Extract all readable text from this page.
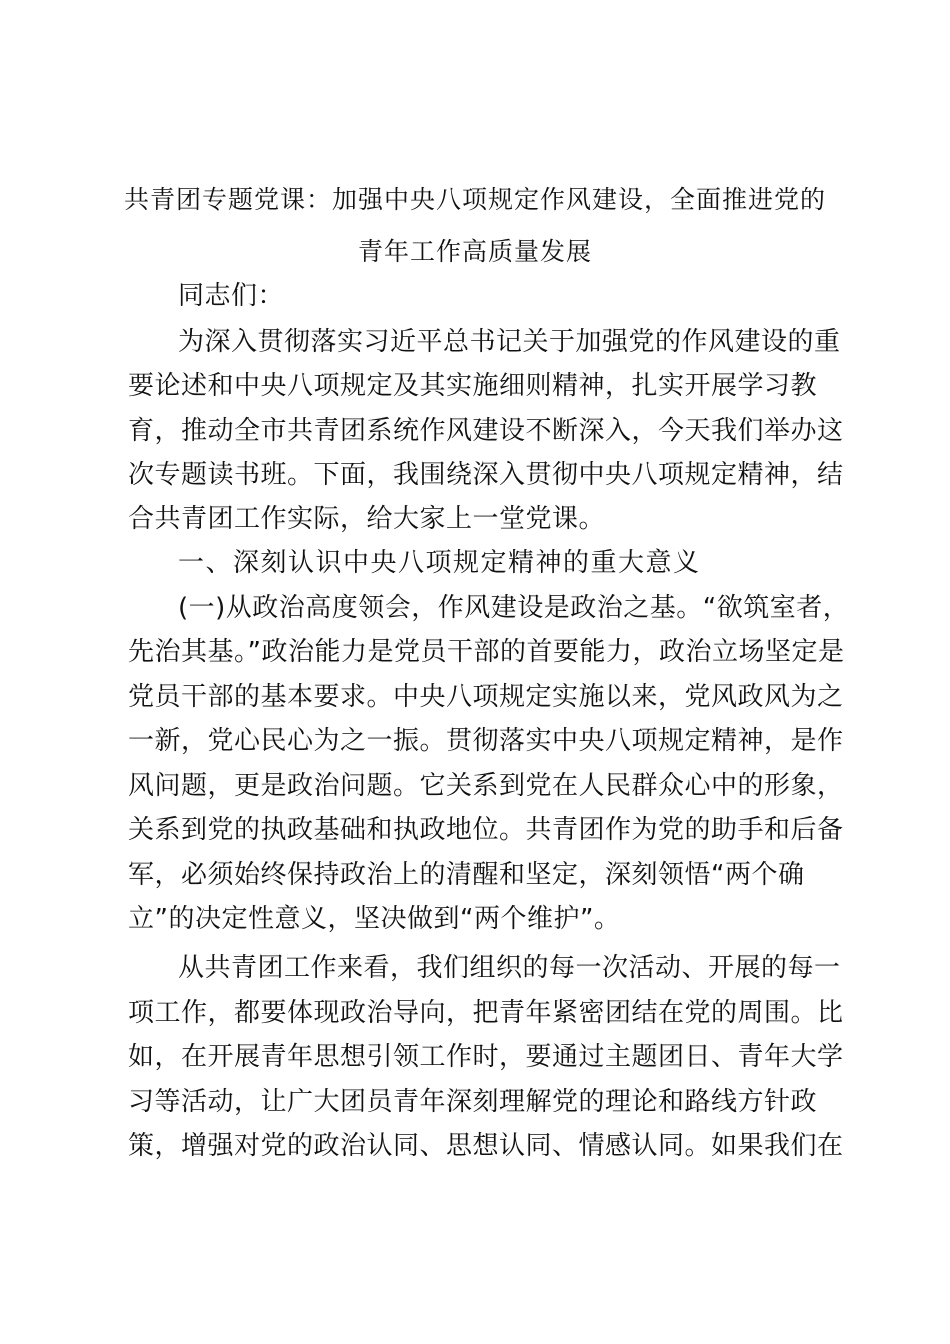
共青团专题党课：加强中央八项规定作风建设，全面推进党的
青年工作高质量发展
同志们：
为深入贯彻落实习近平总书记关于加强党的作风建设的重
要论述和中央八项规定及其实施细则精神，扎实开展学习教
育，推动全市共青团系统作风建设不断深入，今天我们举办这
次专题读书班。下面，我围绕深入贯彻中央八项规定精神，结
合共青团工作实际，给大家上一堂党课。
一、深刻认识中央八项规定精神的重大意义
(一)从政治高度领会，作风建设是政治之基。“欲筑室者，
先治其基。”政治能力是党员干部的首要能力，政治立场坚定是
党员干部的基本要求。中央八项规定实施以来，党风政风为之
一新，党心民心为之一振。贯彻落实中央八项规定精神，是作
风问题，更是政治问题。它关系到党在人民群众心中的形象，
关系到党的执政基础和执政地位。共青团作为党的助手和后备
军，必须始终保持政治上的清醒和坚定，深刻领悟“两个确
立”的决定性意义，坚决做到“两个维护”。
从共青团工作来看，我们组织的每一次活动、开展的每一
项工作，都要体现政治导向，把青年紧密团结在党的周围。比
如，在开展青年思想引领工作时，要通过主题团日、青年大学
习等活动，让广大团员青年深刻理解党的理论和路线方针政
策，增强对党的政治认同、思想认同、情感认同。如果我们在
